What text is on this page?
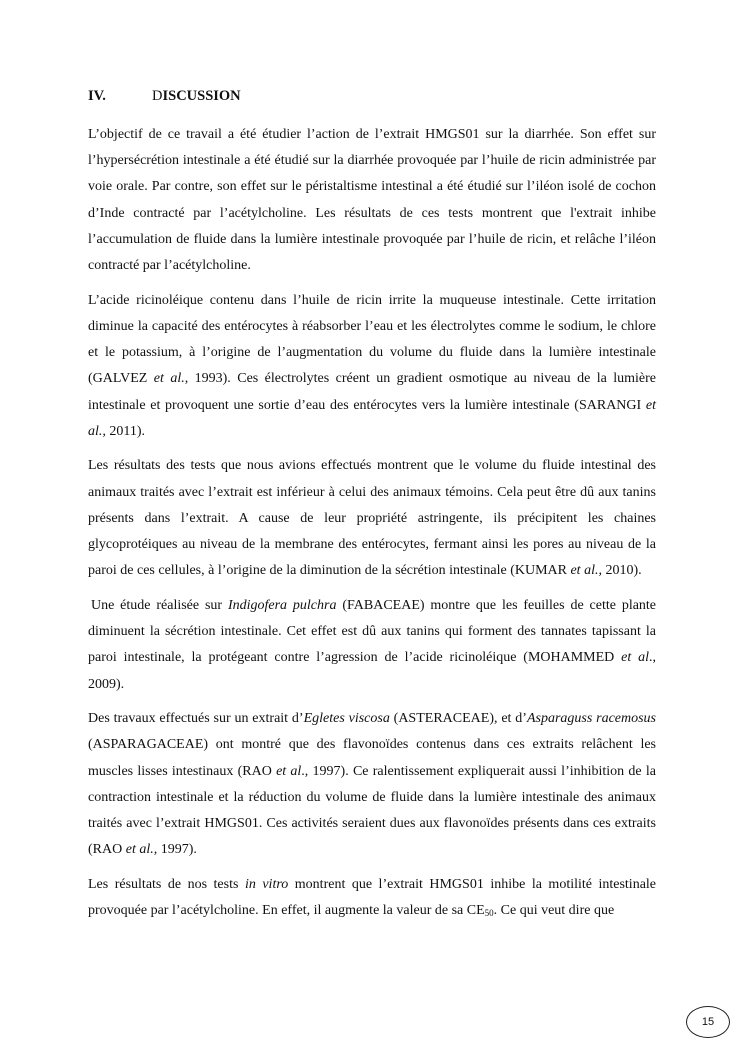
IV.	DISCUSSION

L’objectif de ce travail a été étudier l’action de l’extrait HMGS01 sur la diarrhée. Son effet sur l’hypersécrétion intestinale a été étudié sur la diarrhée provoquée par l’huile de ricin administrée par voie orale. Par contre, son effet sur le péristaltisme intestinal a été étudié sur l’iléon isolé de cochon d’Inde contracté par l’acétylcholine. Les résultats de ces tests montrent que l'extrait inhibe l’accumulation de fluide dans la lumière intestinale provoquée par l’huile de ricin, et relâche l’iléon contracté par l’acétylcholine.

L’acide ricinoléique contenu dans l’huile de ricin irrite la muqueuse intestinale. Cette irritation diminue la capacité des entérocytes à réabsorber l’eau et les électrolytes comme le sodium, le chlore et le potassium, à l’origine de l’augmentation du volume du fluide dans la lumière intestinale (GALVEZ et al., 1993). Ces électrolytes créent un gradient osmotique au niveau de la lumière intestinale et provoquent une sortie d’eau des entérocytes vers la lumière intestinale (SARANGI et al., 2011).

Les résultats des tests que nous avions effectués montrent que le volume du fluide intestinal des animaux traités avec l’extrait est inférieur à celui des animaux témoins. Cela peut être dû aux tanins présents dans l’extrait. A cause de leur propriété astringente, ils précipitent les chaines glycoprotéiques au niveau de la membrane des entérocytes, fermant ainsi les pores au niveau de la paroi de ces cellules, à l’origine de la diminution de la sécrétion intestinale (KUMAR et al., 2010).

Une étude réalisée sur Indigofera pulchra (FABACEAE) montre que les feuilles de cette plante diminuent la sécrétion intestinale. Cet effet est dû aux tanins qui forment des tannates tapissant la paroi intestinale, la protégeant contre l’agression de l’acide ricinoléique (MOHAMMED et al., 2009).

Des travaux effectués sur un extrait d’Egletes viscosa (ASTERACEAE), et d’Asparaguss racemosus (ASPARAGACEAE) ont montré que des flavonoïdes contenus dans ces extraits relâchent les muscles lisses intestinaux (RAO et al., 1997). Ce ralentissement expliquerait aussi l’inhibition de la contraction intestinale et la réduction du volume de fluide dans la lumière intestinale des animaux traités avec l’extrait HMGS01. Ces activités seraient dues aux flavonoïdes présents dans ces extraits (RAO et al., 1997).

Les résultats de nos tests in vitro montrent que l’extrait HMGS01 inhibe la motilité intestinale provoquée par l’acétylcholine. En effet, il augmente la valeur de sa $CE_{50}$. Ce qui veut dire que

15
